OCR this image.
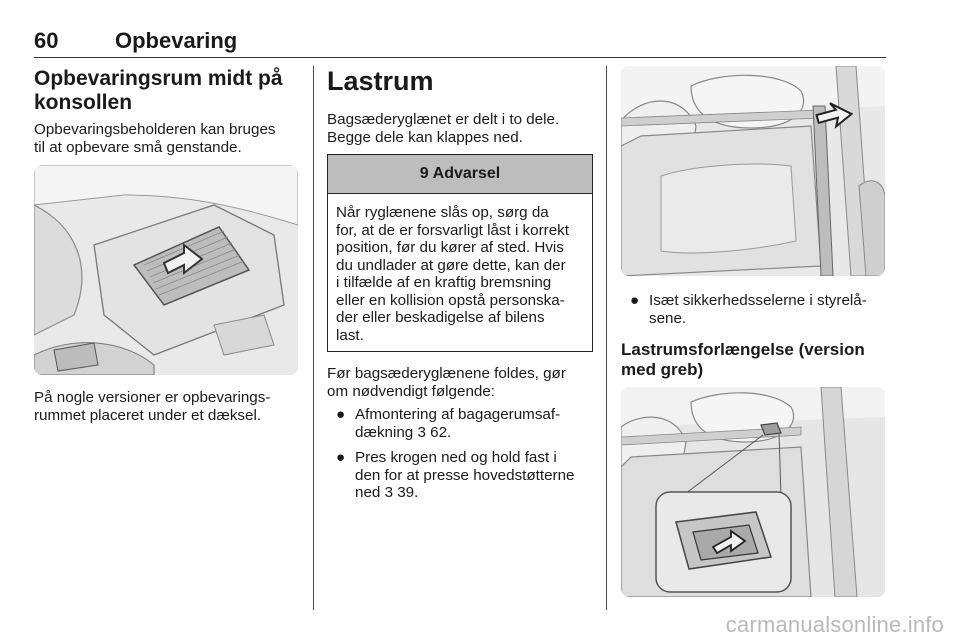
60	Opbevaring
Opbevaringsrum midt på
konsollen
Opbevaringsbeholderen kan bruges
til at opbevare små genstande.
På nogle versioner er opbevarings-
rummet placeret under et dæksel.
Lastrum
Bagsæderyglænet er delt i to dele.
Begge dele kan klappes ned.
9 Advarsel
Når ryglænene slås op, sørg da
for, at de er forsvarligt låst i korrekt
position, før du kører af sted. Hvis
du undlader at gøre dette, kan der
i tilfælde af en kraftig bremsning
eller en kollision opstå personska-
der eller beskadigelse af bilens
last.
Før bagsæderyglænene foldes, gør
om nødvendigt følgende:
● Afmontering af bagagerumsaf-
dækning 3 62.
● Pres krogen ned og hold fast i
den for at presse hovedstøtterne
ned 3 39.
● Isæt sikkerhedsselerne i styrelå-
sene.
Lastrumsforlængelse (version
med greb)
carmanualsonline.info
